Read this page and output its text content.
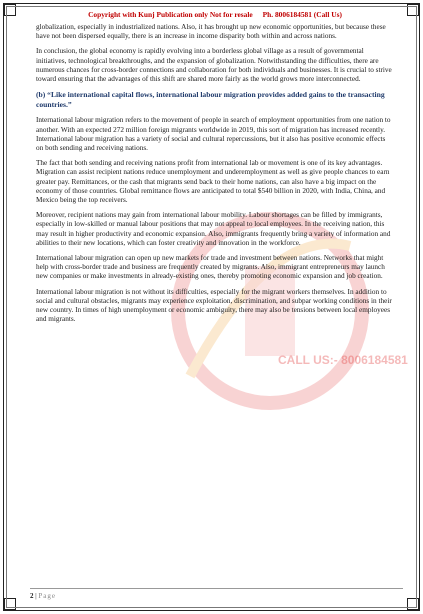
CALL US:- 8006184581
Copyright with Kunj Publication only Not for resale Ph. 8006184581 (Call Us)

globalization, especially in industrialized nations. Also, it has brought up new economic opportunities, but because these have not been dispersed equally, there is an increase in income disparity both within and across nations.

In conclusion, the global economy is rapidly evolving into a borderless global village as a result of governmental initiatives, technological breakthroughs, and the expansion of globalization. Notwithstanding the difficulties, there are numerous chances for cross-border connections and collaboration for both individuals and businesses. It is crucial to strive toward ensuring that the advantages of this shift are shared more fairly as the world grows more interconnected.

(b) “Like international capital flows, international labour migration provides added gains to the transacting countries.”

International labour migration refers to the movement of people in search of employment opportunities from one nation to another. With an expected 272 million foreign migrants worldwide in 2019, this sort of migration has increased recently. International labour migration has a variety of social and cultural repercussions, but it also has positive economic effects on both sending and receiving nations.

The fact that both sending and receiving nations profit from international lab or movement is one of its key advantages. Migration can assist recipient nations reduce unemployment and underemployment as well as give people chances to earn greater pay. Remittances, or the cash that migrants send back to their home nations, can also have a big impact on the economy of those countries. Global remittance flows are anticipated to total $540 billion in 2020, with India, China, and Mexico being the top receivers.

Moreover, recipient nations may gain from international labour mobility. Labour shortages can be filled by immigrants, especially in low-skilled or manual labour positions that may not appeal to local employees. In the receiving nation, this may result in higher productivity and economic expansion. Also, immigrants frequently bring a variety of information and abilities to their new locations, which can foster creativity and innovation in the workforce.

International labour migration can open up new markets for trade and investment between nations. Networks that might help with cross-border trade and business are frequently created by migrants. Also, immigrant entrepreneurs may launch new companies or make investments in already-existing ones, thereby promoting economic expansion and job creation.

International labour migration is not without its difficulties, especially for the migrant workers themselves. In addition to social and cultural obstacles, migrants may experience exploitation, discrimination, and subpar working conditions in their new country. In times of high unemployment or economic ambiguity, there may also be tensions between local employees and migrants.

2 | Page
